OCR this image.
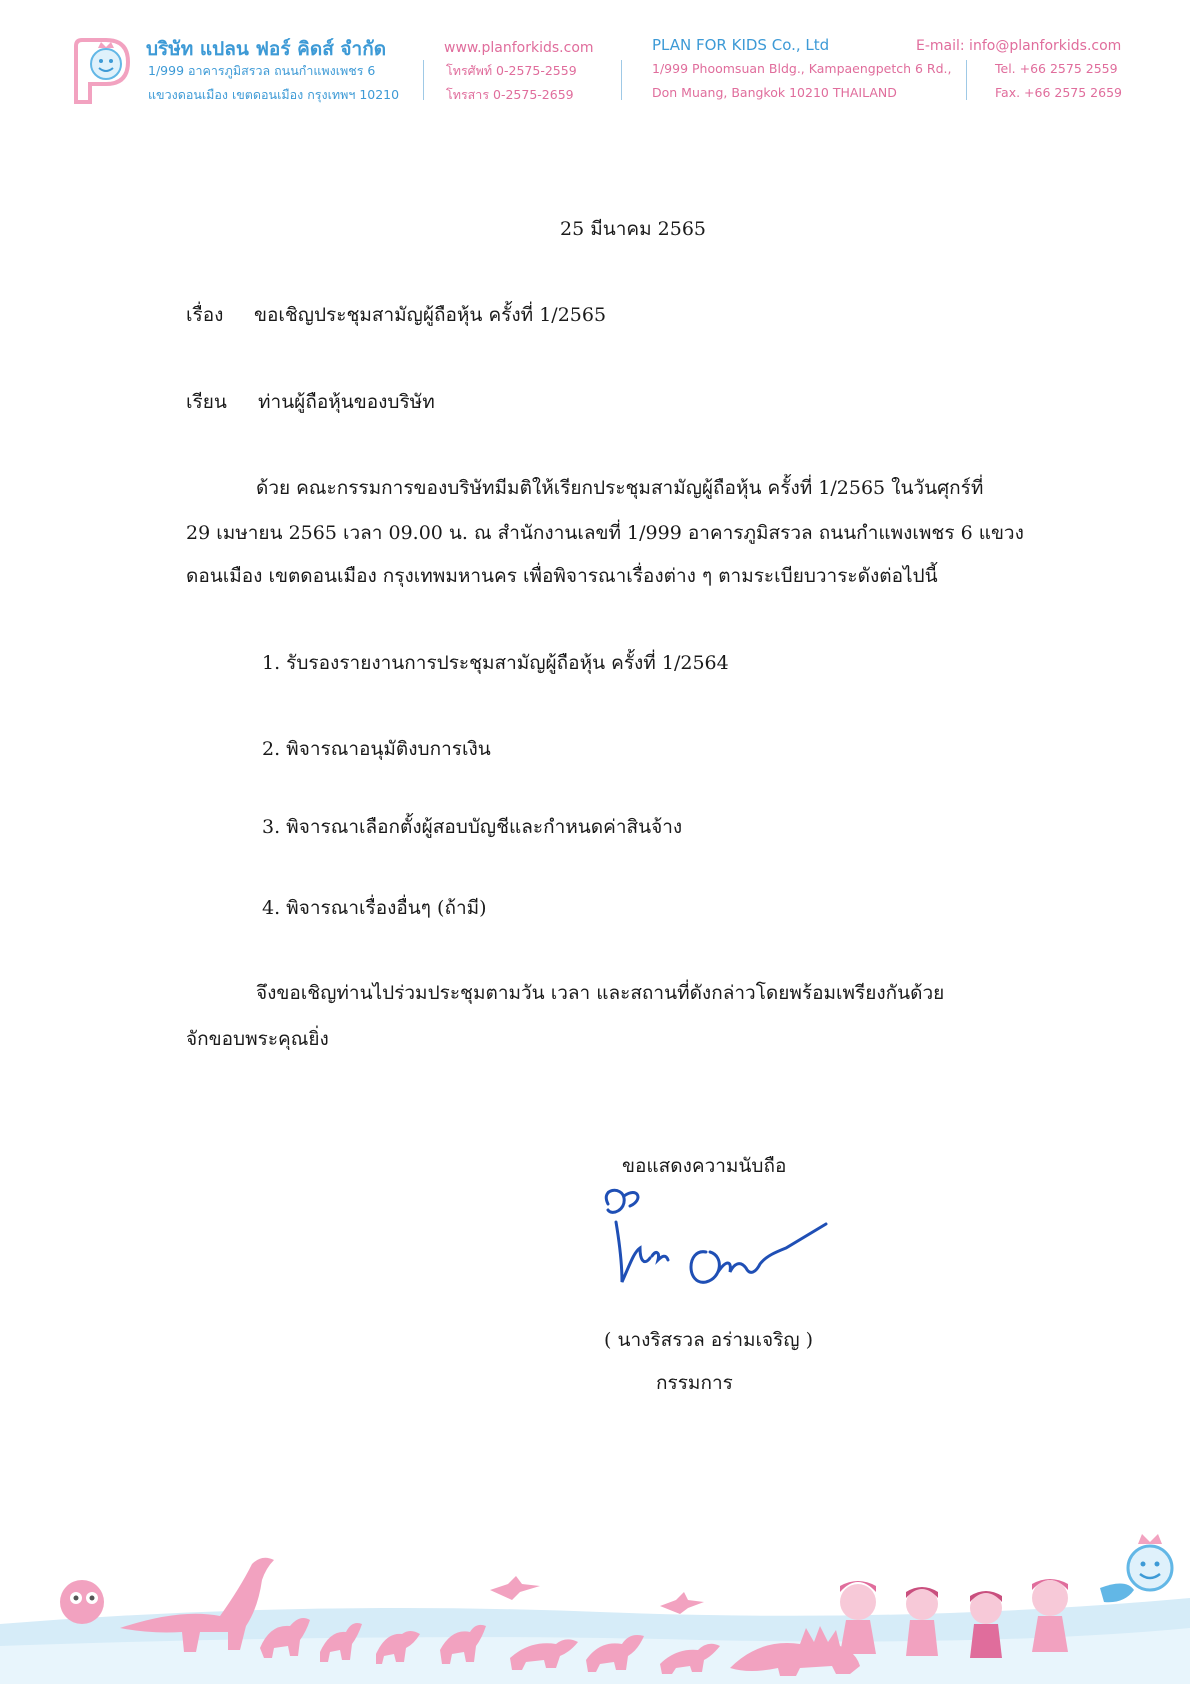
บริษัท แปลน ฟอร์ คิดส์ จำกัด
1/999 อาคารภูมิสรวล ถนนกำแพงเพชร 6
แขวงดอนเมือง เขตดอนเมือง กรุงเทพฯ 10210
www.planforkids.com
โทรศัพท์ 0-2575-2559
โทรสาร 0-2575-2659
PLAN FOR KIDS Co., Ltd
1/999 Phoomsuan Bldg., Kampaengpetch 6 Rd.,
Don Muang, Bangkok 10210 THAILAND
E-mail: info@planforkids.com
Tel. +66 2575 2559
Fax. +66 2575 2659
25 มีนาคม 2565
เรื่อง ขอเชิญประชุมสามัญผู้ถือหุ้น ครั้งที่ 1/2565
เรียน ท่านผู้ถือหุ้นของบริษัท
ด้วย คณะกรรมการของบริษัทมีมติให้เรียกประชุมสามัญผู้ถือหุ้น ครั้งที่ 1/2565 ในวันศุกร์ที่
29 เมษายน 2565 เวลา 09.00 น. ณ สำนักงานเลขที่ 1/999 อาคารภูมิสรวล ถนนกำแพงเพชร 6 แขวง
ดอนเมือง เขตดอนเมือง กรุงเทพมหานคร เพื่อพิจารณาเรื่องต่าง ๆ ตามระเบียบวาระดังต่อไปนี้
1. รับรองรายงานการประชุมสามัญผู้ถือหุ้น ครั้งที่ 1/2564
2. พิจารณาอนุมัติงบการเงิน
3. พิจารณาเลือกตั้งผู้สอบบัญชีและกำหนดค่าสินจ้าง
4. พิจารณาเรื่องอื่นๆ (ถ้ามี)
จึงขอเชิญท่านไปร่วมประชุมตามวัน เวลา และสถานที่ดังกล่าวโดยพร้อมเพรียงกันด้วย
จักขอบพระคุณยิ่ง
ขอแสดงความนับถือ
( นางริสรวล อร่ามเจริญ )
กรรมการ
